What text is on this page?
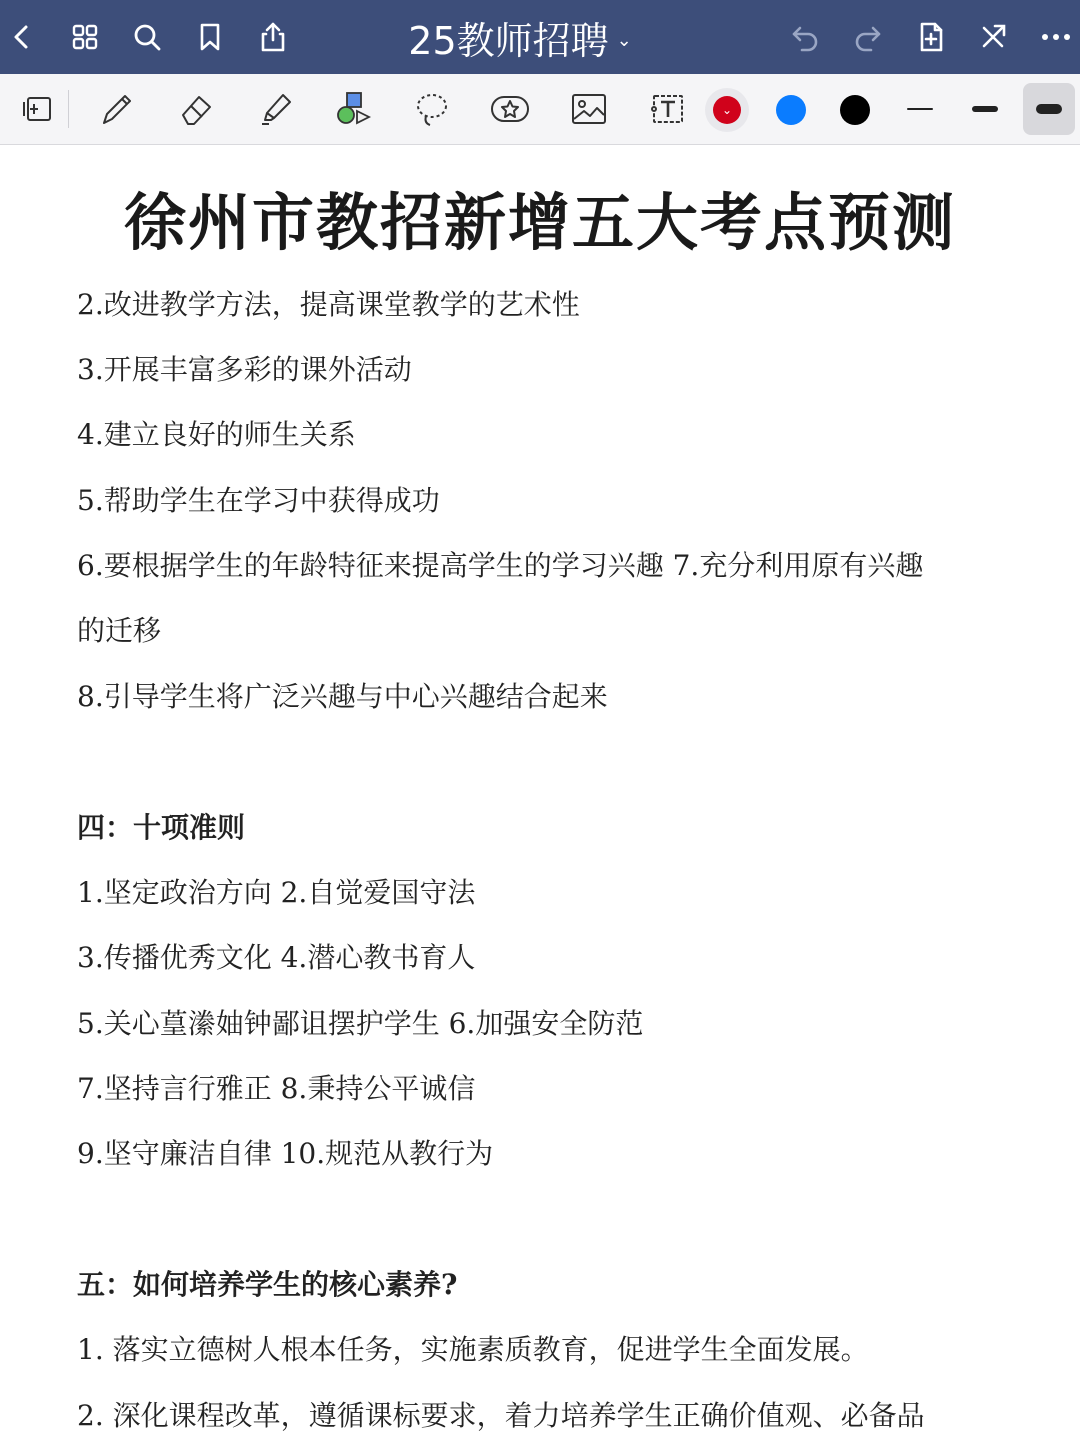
25教师招聘 ⌄
⌄
徐州市教招新增五大考点预测
2.改进教学方法，提高课堂教学的艺术性
3.开展丰富多彩的课外活动
4.建立良好的师生关系
5.帮助学生在学习中获得成功
6.要根据学生的年龄特征来提高学生的学习兴趣 7.充分利用原有兴趣
的迁移
8.引导学生将广泛兴趣与中心兴趣结合起来
四：十项准则
1.坚定政治方向 2.自觉爱国守法
3.传播优秀文化 4.潜心教书育人
5.关心葟潫妯钟鄙诅摆护学生 6.加强安全防范
7.坚持言行雅正 8.秉持公平诚信
9.坚守廉洁自律 10.规范从教行为
五：如何培养学生的核心素养?
1. 落实立德树人根本任务，实施素质教育，促进学生全面发展。
2. 深化课程改革，遵循课标要求，着力培养学生正确价值观、必备品
